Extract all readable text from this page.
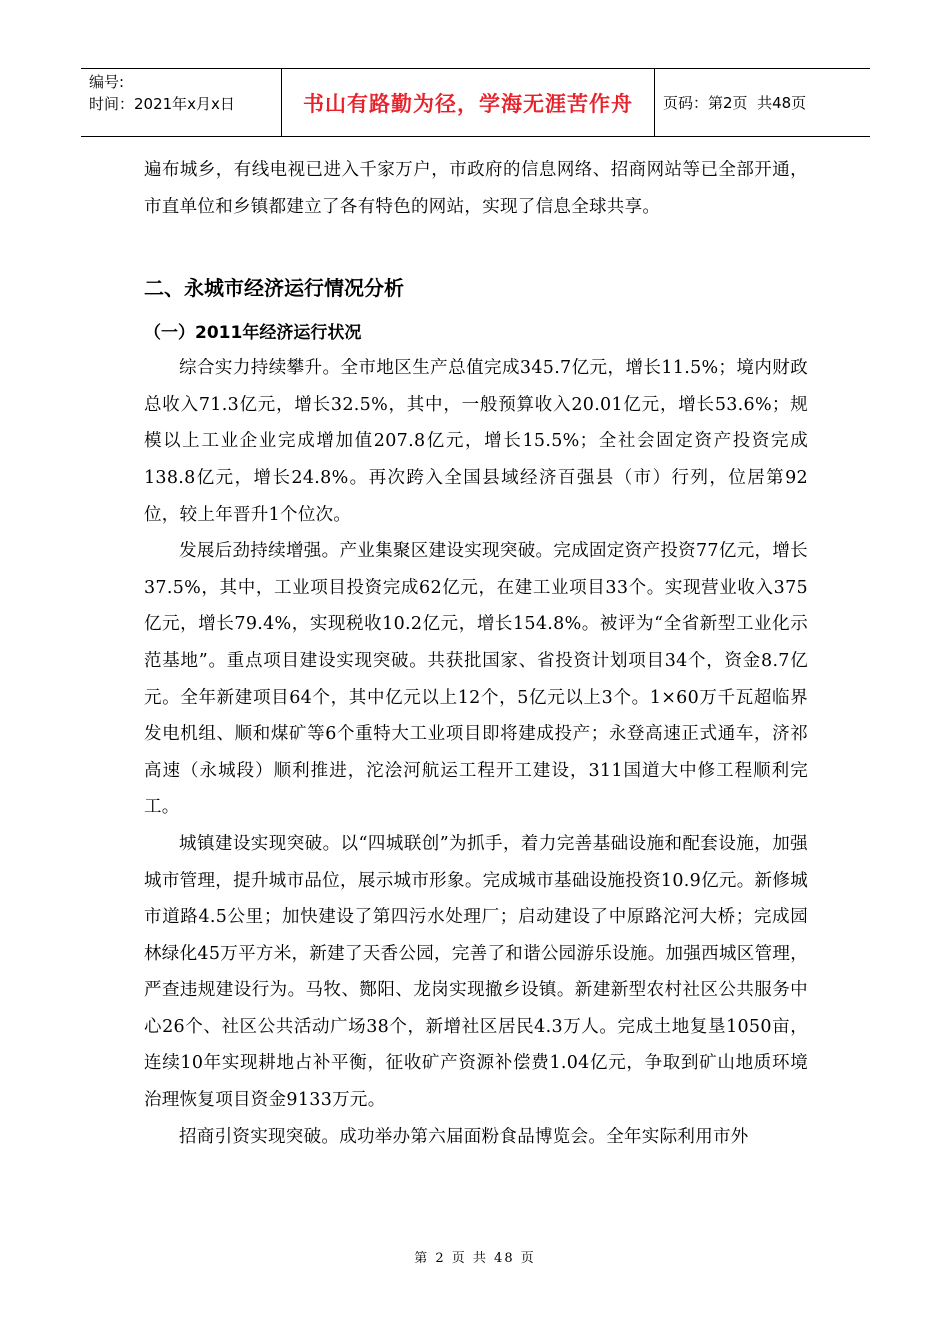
编号:
时间：2021年x月x日	书山有路勤为径，学海无涯苦作舟	页码：第2页  共48页

遍布城乡，有线电视已进入千家万户，市政府的信息网络、招商网站等已全部开通，市直单位和乡镇都建立了各有特色的网站，实现了信息全球共享。

二、永城市经济运行情况分析
（一）2011年经济运行状况

综合实力持续攀升。全市地区生产总值完成345.7亿元，增长11.5%；境内财政总收入71.3亿元，增长32.5%，其中，一般预算收入20.01亿元，增长53.6%；规模以上工业企业完成增加值207.8亿元，增长15.5%；全社会固定资产投资完成138.8亿元，增长24.8%。再次跨入全国县域经济百强县（市）行列，位居第92位，较上年晋升1个位次。

发展后劲持续增强。产业集聚区建设实现突破。完成固定资产投资77亿元，增长37.5%，其中，工业项目投资完成62亿元，在建工业项目33个。实现营业收入375亿元，增长79.4%，实现税收10.2亿元，增长154.8%。被评为“全省新型工业化示范基地”。重点项目建设实现突破。共获批国家、省投资计划项目34个，资金8.7亿元。全年新建项目64个，其中亿元以上12个，5亿元以上3个。1×60万千瓦超临界发电机组、顺和煤矿等6个重特大工业项目即将建成投产；永登高速正式通车，济祁高速（永城段）顺利推进，沱浍河航运工程开工建设，311国道大中修工程顺利完工。

城镇建设实现突破。以“四城联创”为抓手，着力完善基础设施和配套设施，加强城市管理，提升城市品位，展示城市形象。完成城市基础设施投资10.9亿元。新修城市道路4.5公里；加快建设了第四污水处理厂；启动建设了中原路沱河大桥；完成园林绿化45万平方米，新建了天香公园，完善了和谐公园游乐设施。加强西城区管理，严查违规建设行为。马牧、酂阳、龙岗实现撤乡设镇。新建新型农村社区公共服务中心26个、社区公共活动广场38个，新增社区居民4.3万人。完成土地复垦1050亩，连续10年实现耕地占补平衡，征收矿产资源补偿费1.04亿元，争取到矿山地质环境治理恢复项目资金9133万元。

招商引资实现突破。成功举办第六届面粉食品博览会。全年实际利用市外

第 2 页 共 48 页
